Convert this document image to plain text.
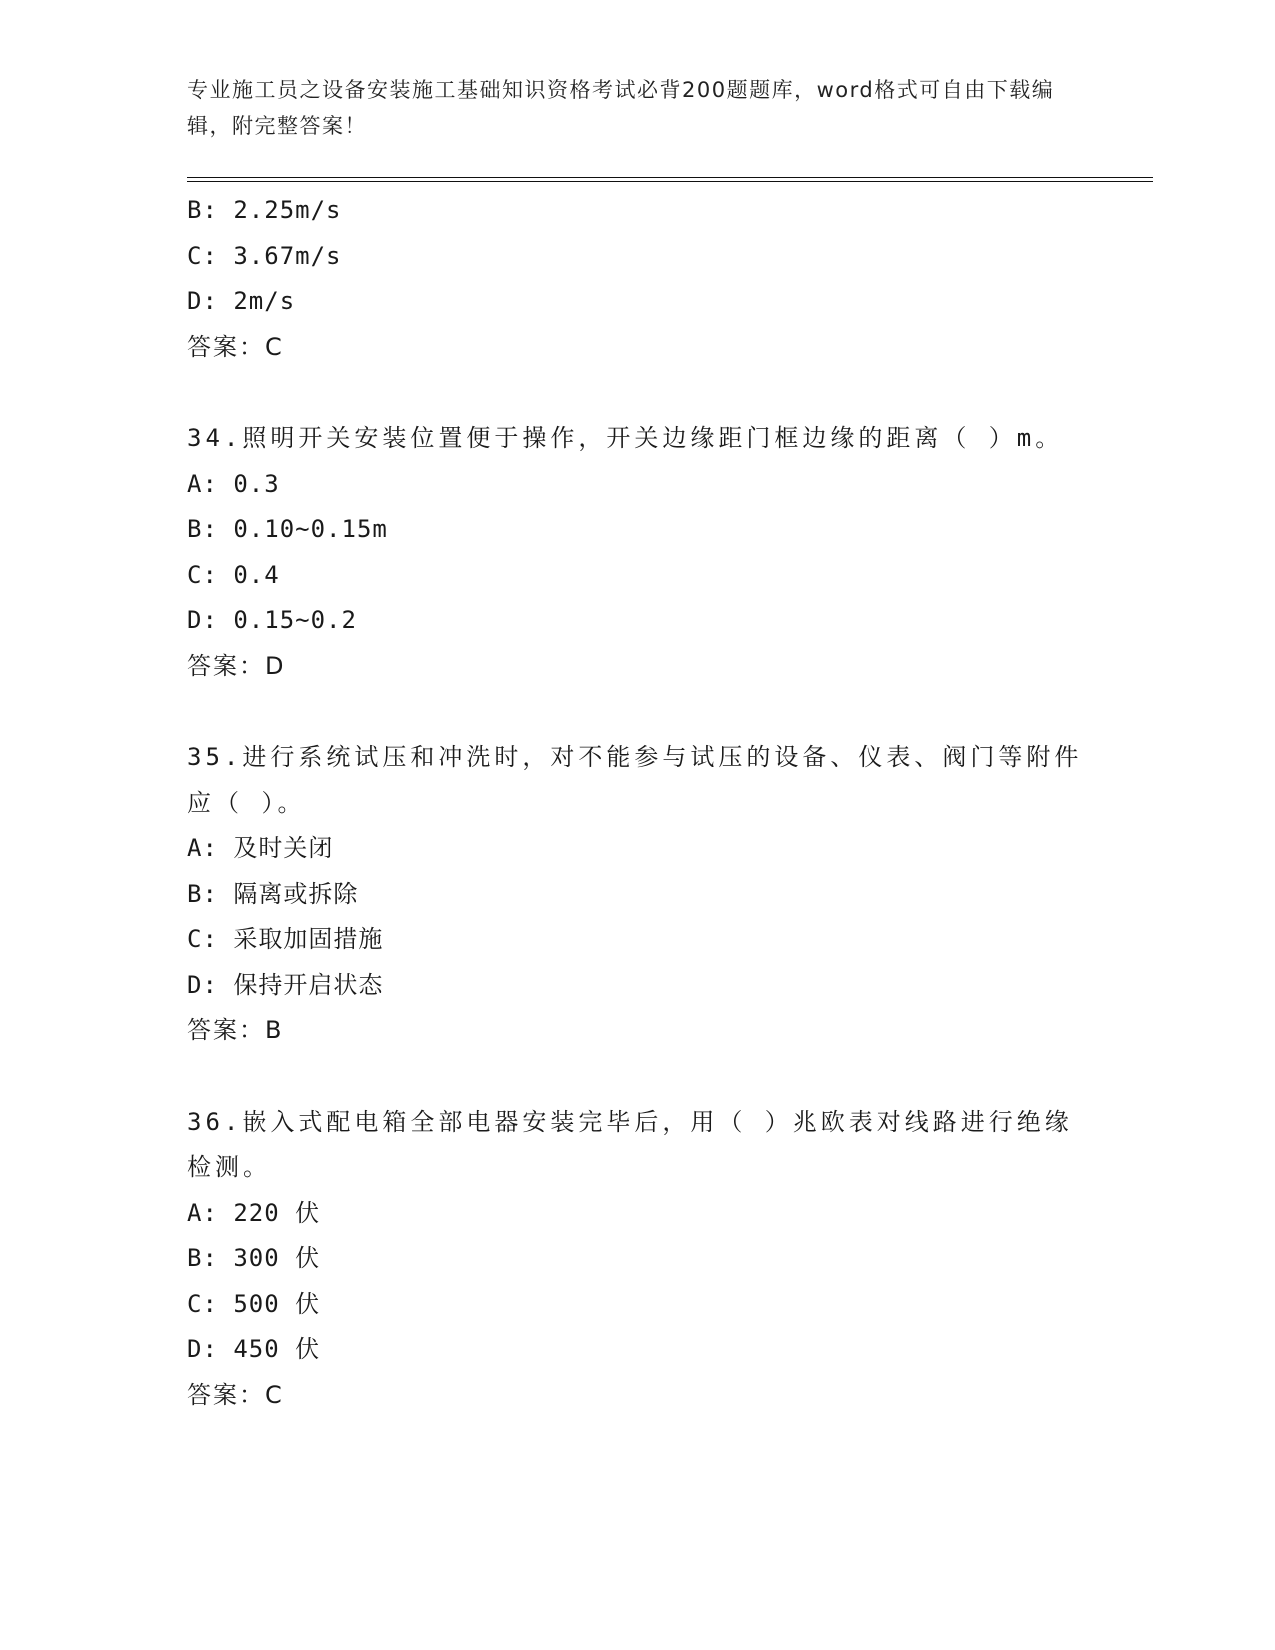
专业施工员之设备安装施工基础知识资格考试必背200题题库，word格式可自由下载编辑，附完整答案！
B: 2.25m/s
C: 3.67m/s
D: 2m/s
答案：C
34.照明开关安装位置便于操作，开关边缘距门框边缘的距离（ ）m。
A: 0.3
B: 0.10~0.15m
C: 0.4
D: 0.15~0.2
答案：D
35.进行系统试压和冲洗时，对不能参与试压的设备、仪表、阀门等附件应（ ）。
A: 及时关闭
B: 隔离或拆除
C: 采取加固措施
D: 保持开启状态
答案：B
36.嵌入式配电箱全部电器安装完毕后，用（ ）兆欧表对线路进行绝缘检测。
A: 220 伏
B: 300 伏
C: 500 伏
D: 450 伏
答案：C
